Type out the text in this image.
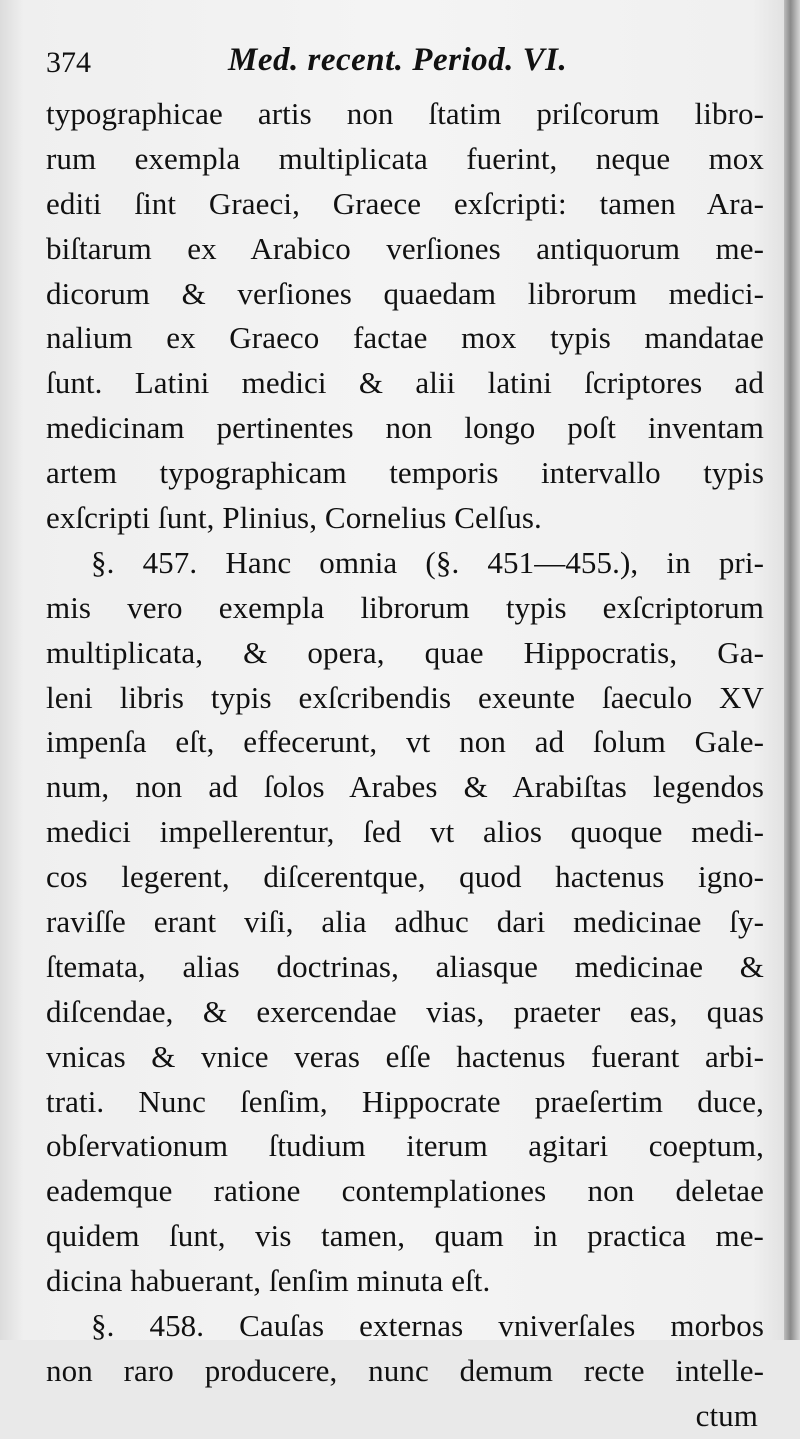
374	Med. recent. Period. VI.
typographicae artis non ſtatim priſcorum libro-
rum exempla multiplicata fuerint, neque mox
editi ſint Graeci, Graece exſcripti: tamen Ara-
biſtarum ex Arabico verſiones antiquorum me-
dicorum & verſiones quaedam librorum medici-
nalium ex Graeco factae mox typis mandatae
ſunt. Latini medici & alii latini ſcriptores ad
medicinam pertinentes non longo poſt inventam
artem typographicam temporis intervallo typis
exſcripti ſunt, Plinius, Cornelius Celſus.
§. 457. Hanc omnia (§. 451—455.), in pri-
mis vero exempla librorum typis exſcriptorum
multiplicata, & opera, quae Hippocratis, Ga-
leni libris typis exſcribendis exeunte ſaeculo XV
impenſa eſt, effecerunt, vt non ad ſolum Gale-
num, non ad ſolos Arabes & Arabiſtas legendos
medici impellerentur, ſed vt alios quoque medi-
cos legerent, diſcerentque, quod hactenus igno-
raviſſe erant viſi, alia adhuc dari medicinae ſy-
ſtemata, alias doctrinas, aliasque medicinae &
diſcendae, & exercendae vias, praeter eas, quas
vnicas & vnice veras eſſe hactenus fuerant arbi-
trati. Nunc ſenſim, Hippocrate praeſertim duce,
obſervationum ſtudium iterum agitari coeptum,
eademque ratione contemplationes non deletae
quidem ſunt, vis tamen, quam in practica me-
dicina habuerant, ſenſim minuta eſt.
§. 458. Cauſas externas vniverſales morbos
non raro producere, nunc demum recte intelle-
ctum
